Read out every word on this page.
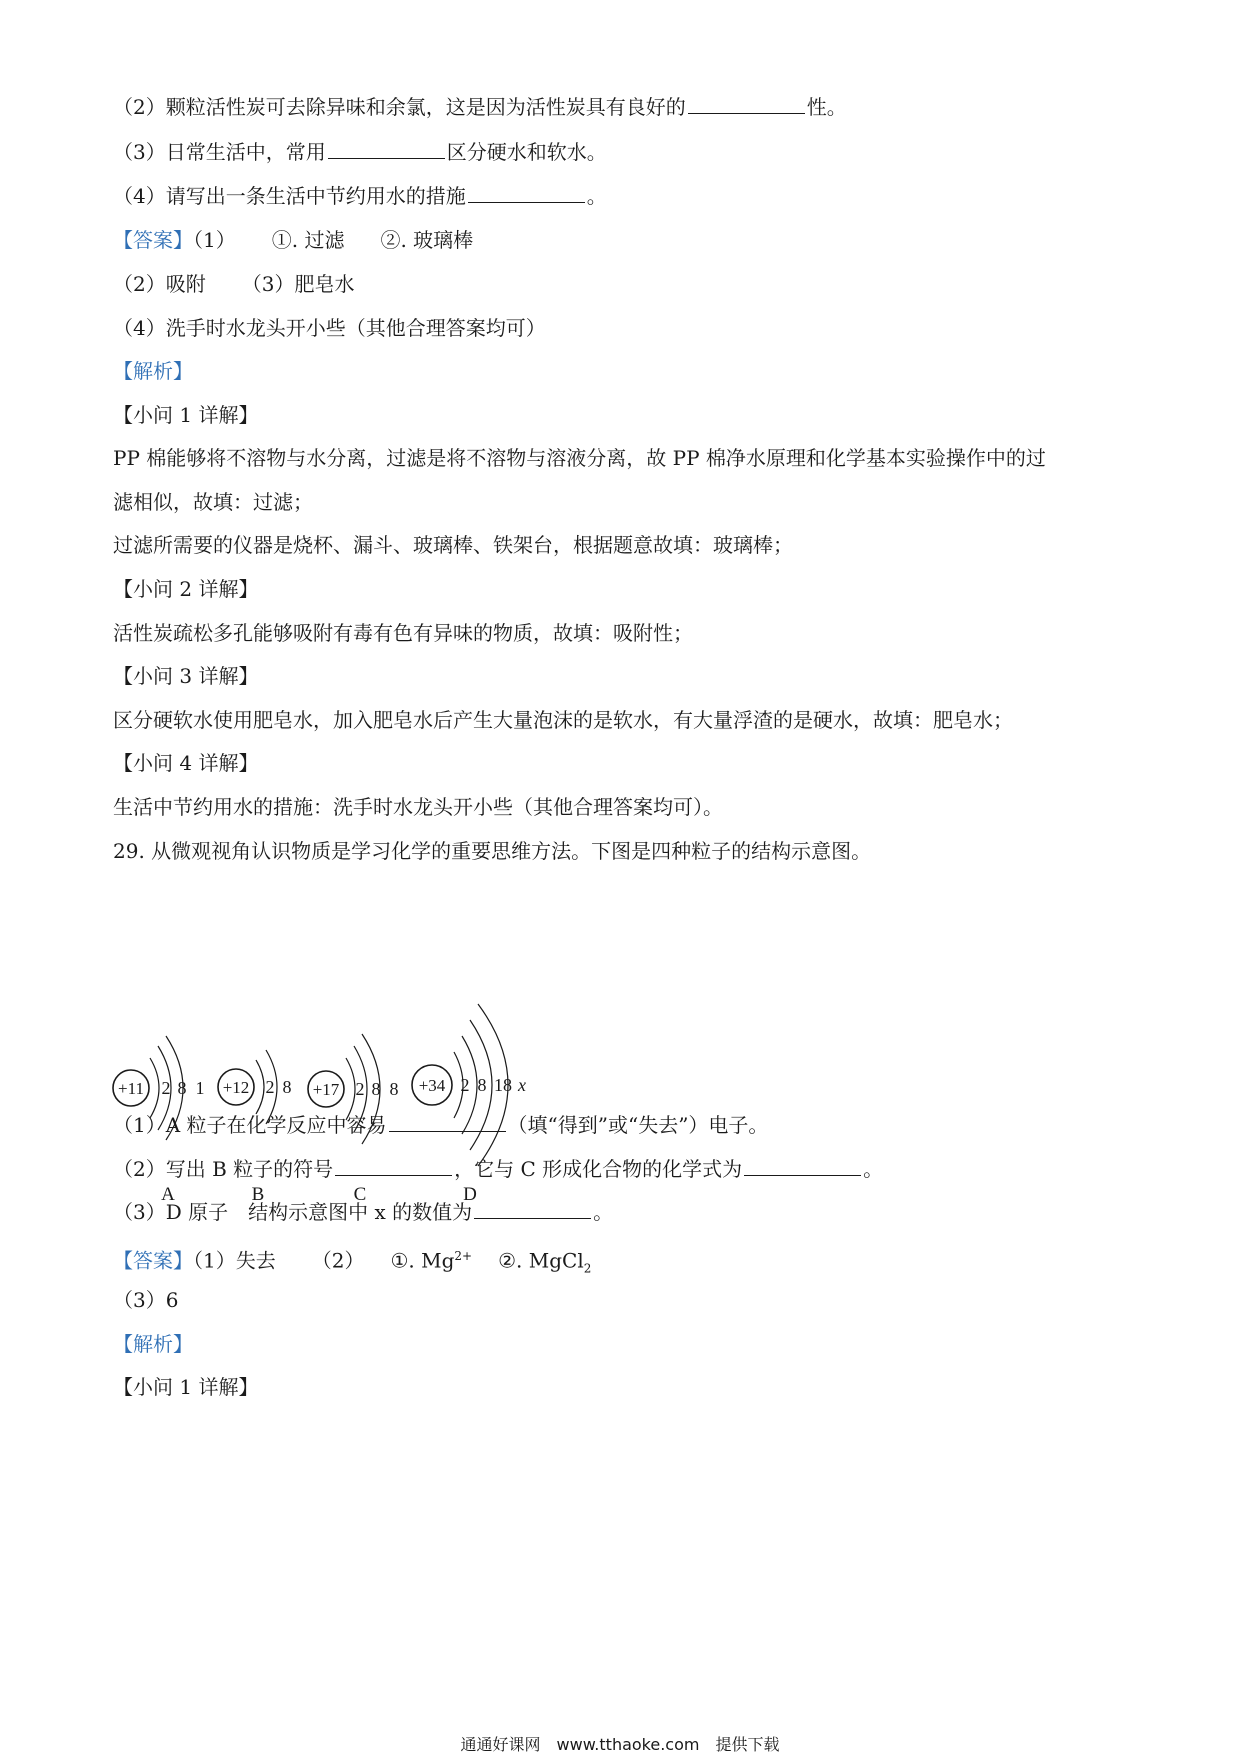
（2）颗粒活性炭可去除异味和余氯，这是因为活性炭具有良好的	性。
（3）日常生活中，常用	区分硬水和软水。
（4）请写出一条生活中节约用水的措施	。
【答案】（1） ①. 过滤 ②. 玻璃棒
（2）吸附 （3）肥皂水
（4）洗手时水龙头开小些（其他合理答案均可）
【解析】
【小问 1 详解】
PP 棉能够将不溶物与水分离，过滤是将不溶物与溶液分离，故 PP 棉净水原理和化学基本实验操作中的过
滤相似，故填：过滤；
过滤所需要的仪器是烧杯、漏斗、玻璃棒、铁架台，根据题意故填：玻璃棒；
【小问 2 详解】
活性炭疏松多孔能够吸附有毒有色有异味的物质，故填：吸附性；
【小问 3 详解】
区分硬软水使用肥皂水，加入肥皂水后产生大量泡沫的是软水，有大量浮渣的是硬水，故填：肥皂水；
【小问 4 详解】
生活中节约用水的措施：洗手时水龙头开小些（其他合理答案均可）。
29. 从微观视角认识物质是学习化学的重要思维方法。下图是四种粒子的结构示意图。
+11 2 8 1
A
+12 2 8
B
+17 2 8 8
C
+34 2 8 18 x
D
（1）A 粒子在化学反应中容易	（填“得到”或“失去”）电子。
（2）写出 B 粒子的符号	，它与 C 形成化合物的化学式为	。
（3）D 原子　结构示意图中 x 的数值为	。
【答案】（1）失去 （2） ①. $Mg^{2+}$ ②. MgCl$_2$
（3）6
【解析】
【小问 1 详解】
通通好课网　www.tthaoke.com　提供下载
